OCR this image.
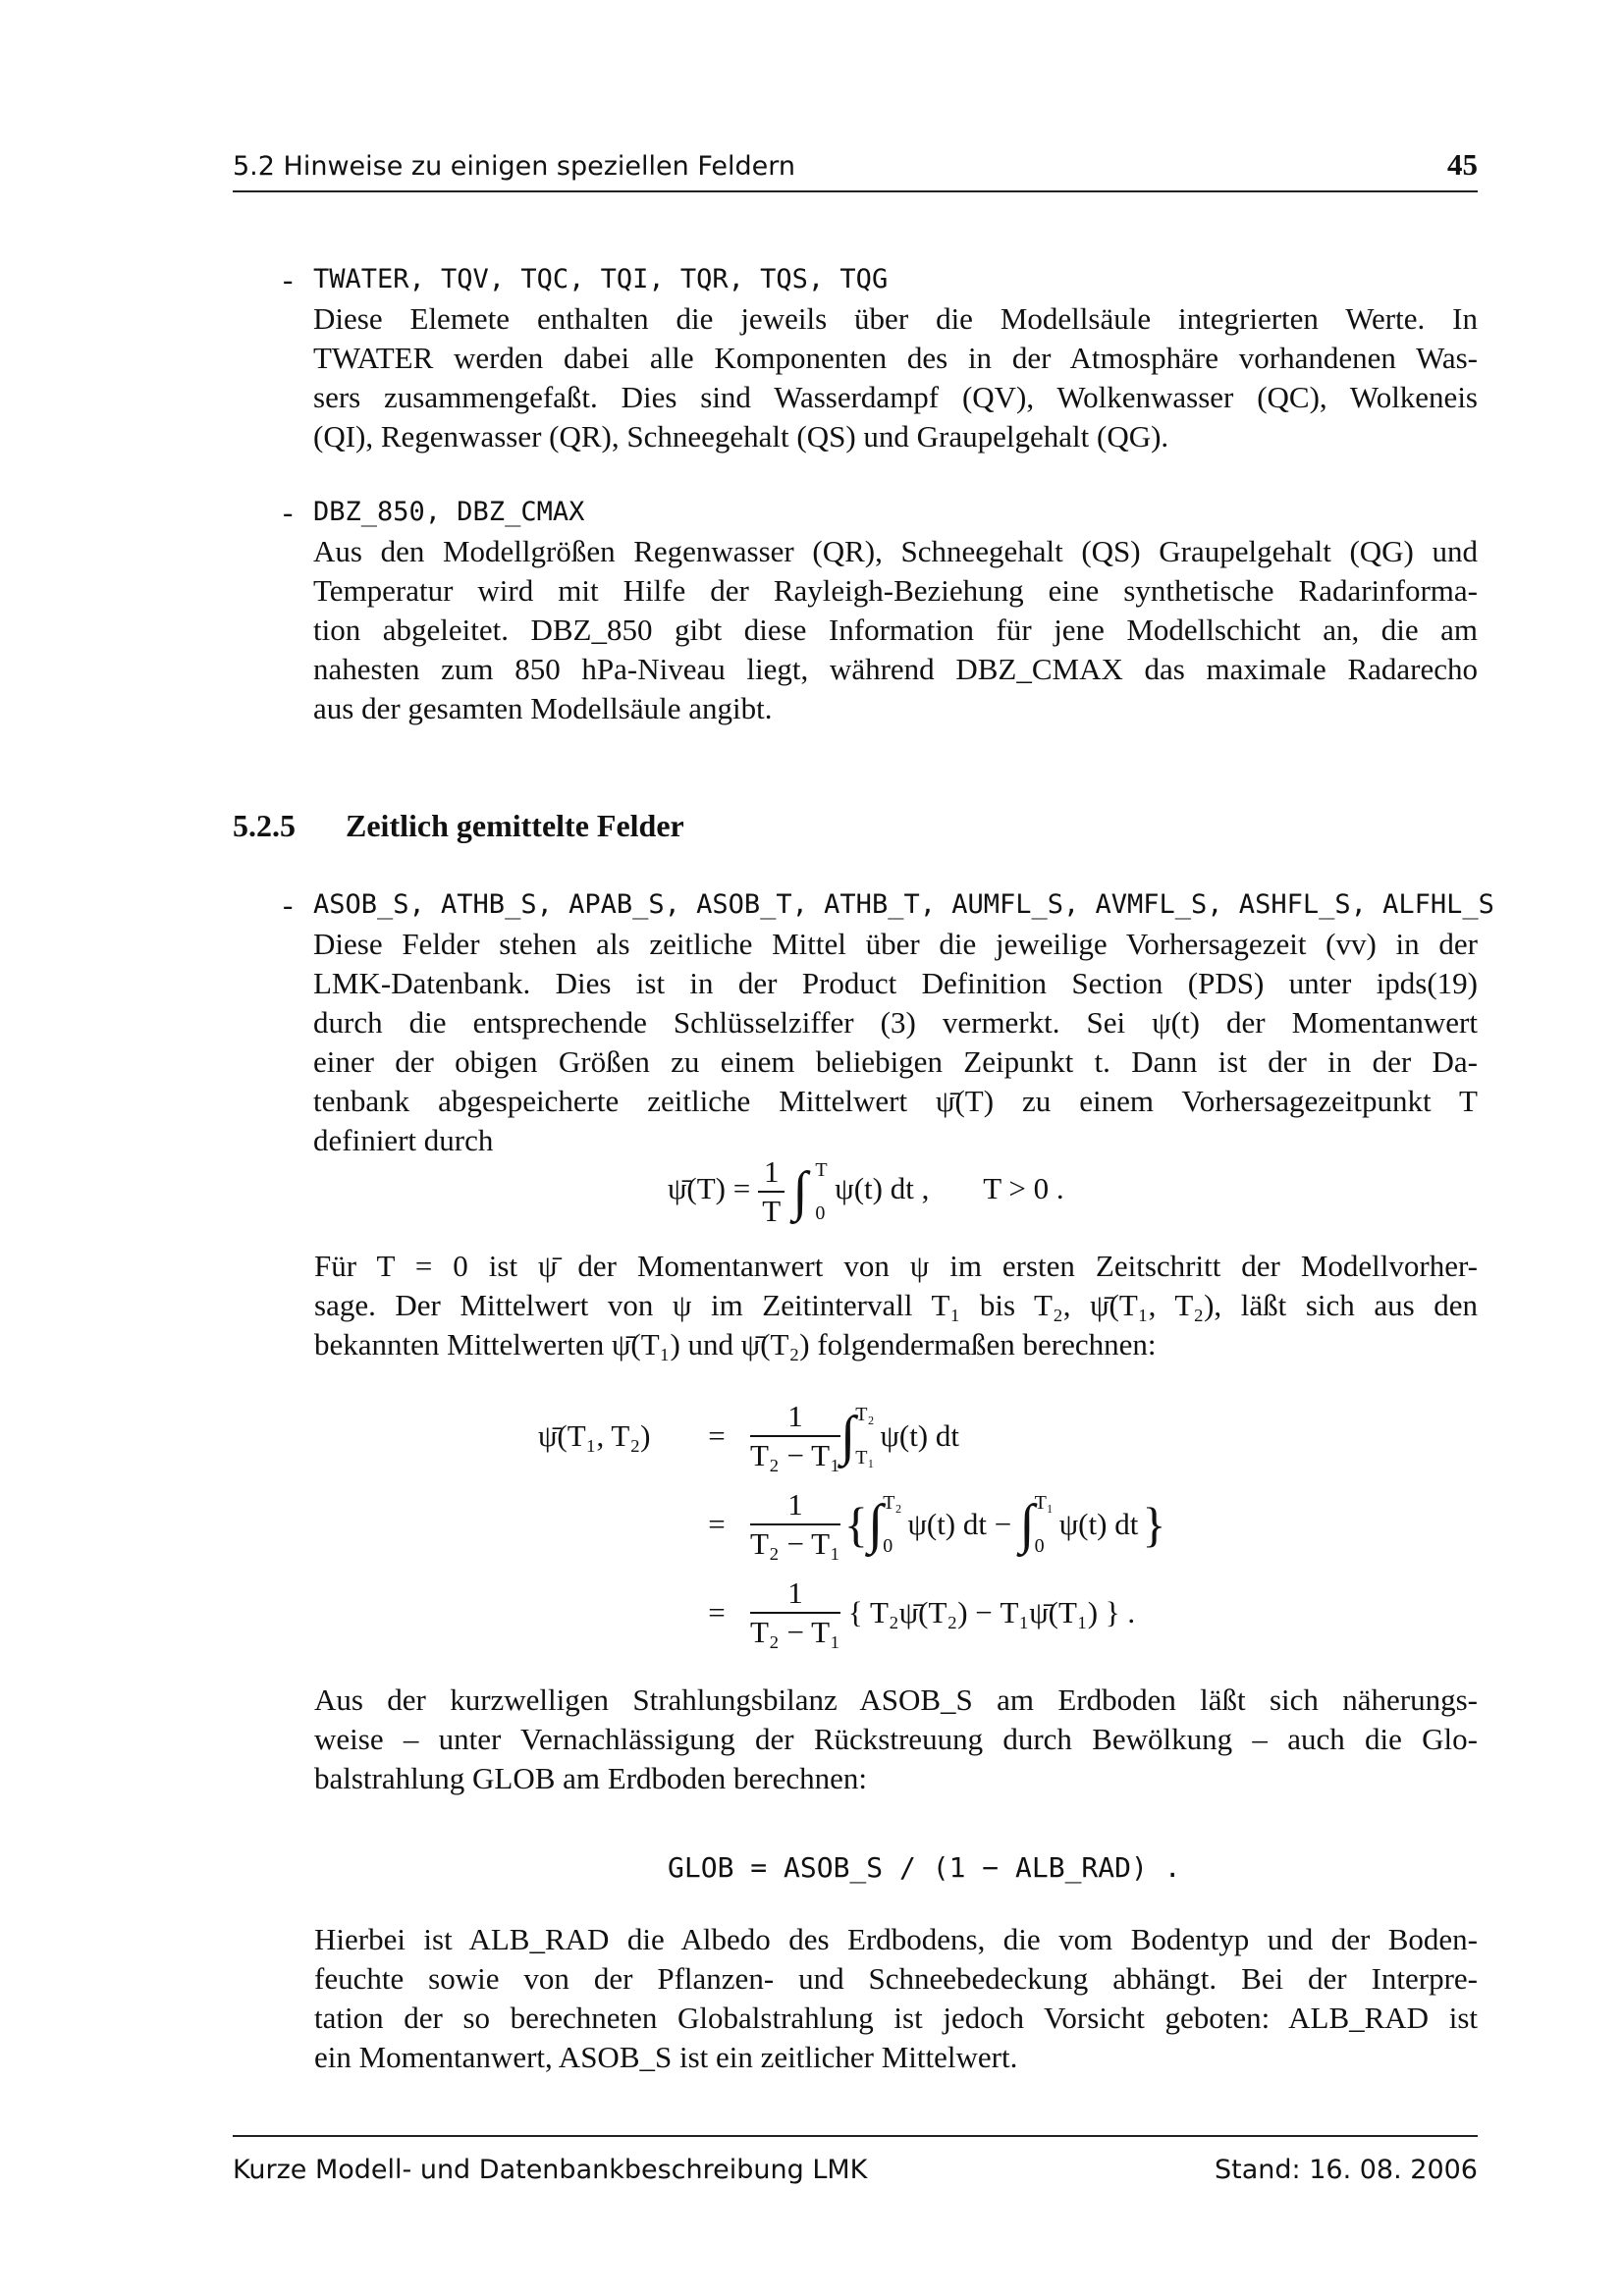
5.2 Hinweise zu einigen speziellen Feldern	45
- TWATER, TQV, TQC, TQI, TQR, TQS, TQG
Diese Elemete enthalten die jeweils über die Modellsäule integrierten Werte. In
TWATER werden dabei alle Komponenten des in der Atmosphäre vorhandenen Was-
sers zusammengefaßt. Dies sind Wasserdampf (QV), Wolkenwasser (QC), Wolkeneis
(QI), Regenwasser (QR), Schneegehalt (QS) und Graupelgehalt (QG).
- DBZ_850, DBZ_CMAX
Aus den Modellgrößen Regenwasser (QR), Schneegehalt (QS) Graupelgehalt (QG) und
Temperatur wird mit Hilfe der Rayleigh-Beziehung eine synthetische Radarinforma-
tion abgeleitet. DBZ_850 gibt diese Information für jene Modellschicht an, die am
nahesten zum 850 hPa-Niveau liegt, während DBZ_CMAX das maximale Radarecho
aus der gesamten Modellsäule angibt.
5.2.5 Zeitlich gemittelte Felder
- ASOB_S, ATHB_S, APAB_S, ASOB_T, ATHB_T, AUMFL_S, AVMFL_S, ASHFL_S, ALFHL_S
Diese Felder stehen als zeitliche Mittel über die jeweilige Vorhersagezeit (vv) in der
LMK-Datenbank. Dies ist in der Product Definition Section (PDS) unter ipds(19)
durch die entsprechende Schlüsselziffer (3) vermerkt. Sei ψ(t) der Momentanwert
einer der obigen Größen zu einem beliebigen Zeipunkt t. Dann ist der in der Da-
tenbank abgespeicherte zeitliche Mittelwert ψ̄(T) zu einem Vorhersagezeitpunkt T
definiert durch
ψ̄(T) = $\frac{1}{T}$ ∫ T
0
ψ(t) dt , T > 0 .
Für T = 0 ist ψ̄ der Momentanwert von ψ im ersten Zeitschritt der Modellvorher-
sage. Der Mittelwert von ψ im Zeitintervall T₁ bis T₂, ψ̄(T₁, T₂), läßt sich aus den
bekannten Mittelwerten ψ̄(T₁) und ψ̄(T₂) folgendermaßen berechnen:
ψ̄(T₁, T₂)	= $\frac{1}{\text{T₂ − T₁}}$ ∫ T₂
T₁
ψ(t) dt
= $\frac{1}{\text{T₂ − T₁}}$ { ∫ T₂
0
ψ(t) dt − ∫ T₁
0
ψ(t) dt }
= $\frac{1}{\text{T₂ − T₁}}$ { T₂ψ̄(T₂) − T₁ψ̄(T₁) } .
Aus der kurzwelligen Strahlungsbilanz ASOB_S am Erdboden läßt sich näherungs-
weise – unter Vernachlässigung der Rückstreuung durch Bewölkung – auch die Glo-
balstrahlung GLOB am Erdboden berechnen:
GLOB = ASOB_S / (1 − ALB_RAD) .
Hierbei ist ALB_RAD die Albedo des Erdbodens, die vom Bodentyp und der Boden-
feuchte sowie von der Pflanzen- und Schneebedeckung abhängt. Bei der Interpre-
tation der so berechneten Globalstrahlung ist jedoch Vorsicht geboten: ALB_RAD ist
ein Momentanwert, ASOB_S ist ein zeitlicher Mittelwert.
Kurze Modell- und Datenbankbeschreibung LMK	Stand: 16. 08. 2006
